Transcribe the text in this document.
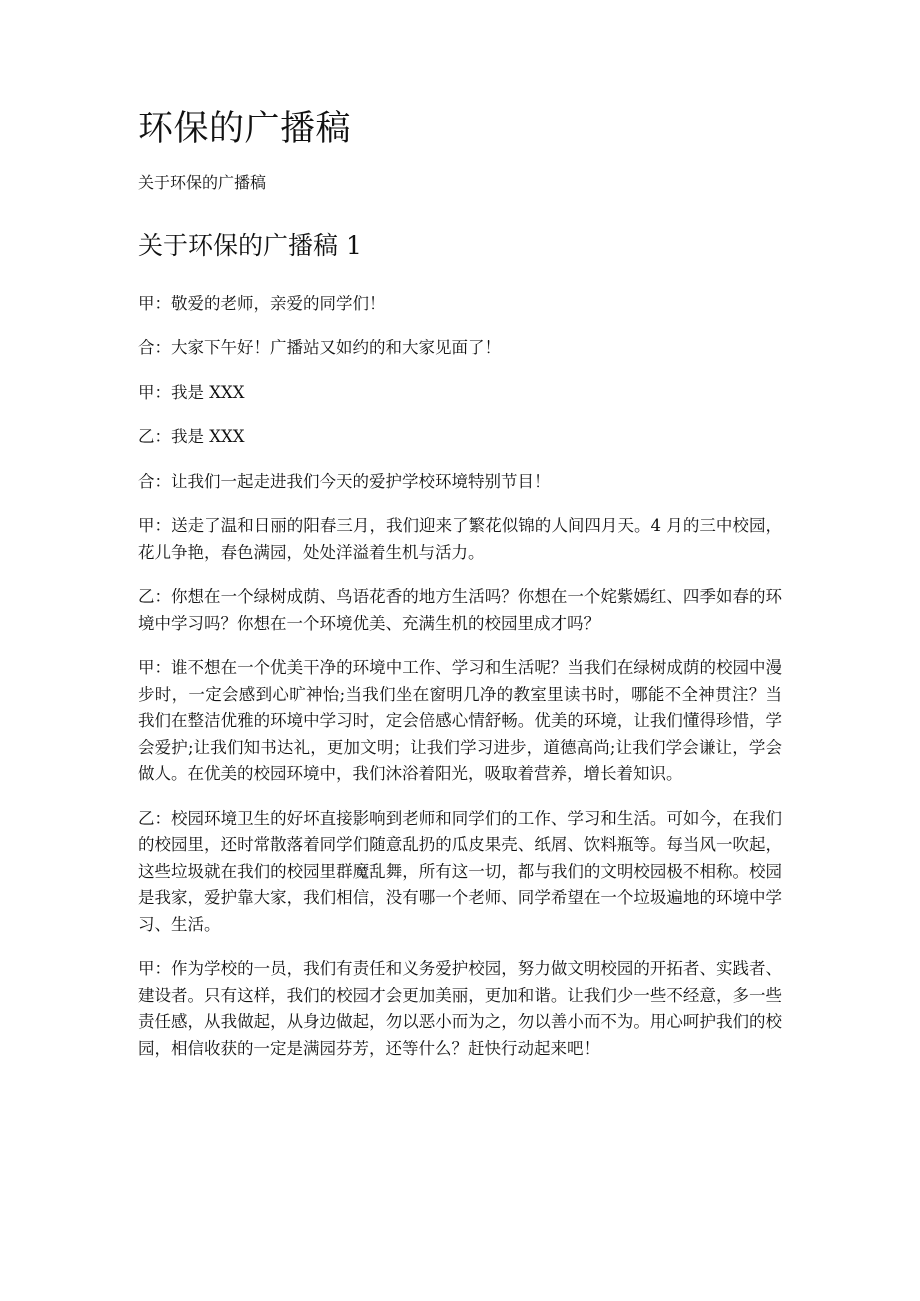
环保的广播稿

关于环保的广播稿

关于环保的广播稿 1

甲：敬爱的老师，亲爱的同学们！

合：大家下午好！广播站又如约的和大家见面了！

甲：我是 XXX

乙：我是 XXX

合：让我们一起走进我们今天的爱护学校环境特别节目！

甲：送走了温和日丽的阳春三月，我们迎来了繁花似锦的人间四月天。4 月的三中校园，花儿争艳，春色满园，处处洋溢着生机与活力。

乙：你想在一个绿树成荫、鸟语花香的地方生活吗？你想在一个姹紫嫣红、四季如春的环境中学习吗？你想在一个环境优美、充满生机的校园里成才吗？

甲：谁不想在一个优美干净的环境中工作、学习和生活呢？当我们在绿树成荫的校园中漫步时，一定会感到心旷神怡;当我们坐在窗明几净的教室里读书时，哪能不全神贯注？当我们在整洁优雅的环境中学习时，定会倍感心情舒畅。优美的环境，让我们懂得珍惜，学会爱护;让我们知书达礼，更加文明；让我们学习进步，道德高尚;让我们学会谦让，学会做人。在优美的校园环境中，我们沐浴着阳光，吸取着营养，增长着知识。

乙：校园环境卫生的好坏直接影响到老师和同学们的工作、学习和生活。可如今，在我们的校园里，还时常散落着同学们随意乱扔的瓜皮果壳、纸屑、饮料瓶等。每当风一吹起，这些垃圾就在我们的校园里群魔乱舞，所有这一切，都与我们的文明校园极不相称。校园是我家，爱护靠大家，我们相信，没有哪一个老师、同学希望在一个垃圾遍地的环境中学习、生活。

甲：作为学校的一员，我们有责任和义务爱护校园，努力做文明校园的开拓者、实践者、建设者。只有这样，我们的校园才会更加美丽，更加和谐。让我们少一些不经意，多一些责任感，从我做起，从身边做起，勿以恶小而为之，勿以善小而不为。用心呵护我们的校园，相信收获的一定是满园芬芳，还等什么？赶快行动起来吧！
